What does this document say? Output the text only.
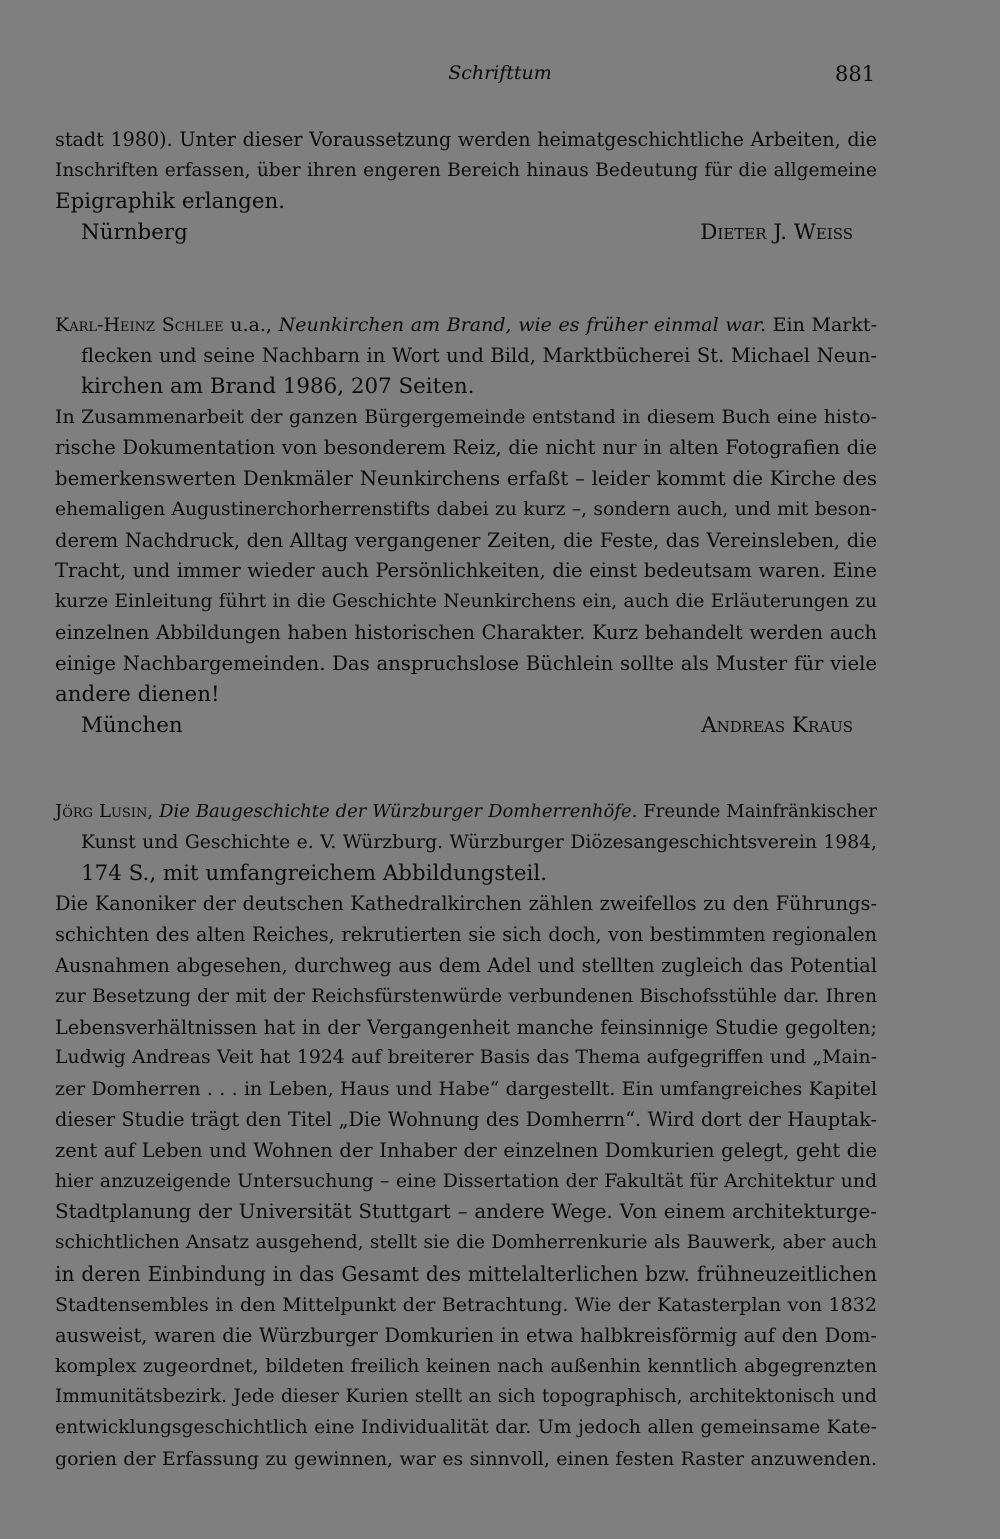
Schrifttum	881
stadt 1980). Unter dieser Voraussetzung werden heimatgeschichtliche Arbeiten, die
Inschriften erfassen, über ihren engeren Bereich hinaus Bedeutung für die allgemeine
Epigraphik erlangen.
Nürnberg	Dieter J. Weiss
Karl-Heinz Schlee u.a., Neunkirchen am Brand, wie es früher einmal war. Ein Markt-
flecken und seine Nachbarn in Wort und Bild, Marktbücherei St. Michael Neun-
kirchen am Brand 1986, 207 Seiten.
In Zusammenarbeit der ganzen Bürgergemeinde entstand in diesem Buch eine histo-
rische Dokumentation von besonderem Reiz, die nicht nur in alten Fotografien die
bemerkenswerten Denkmäler Neunkirchens erfaßt – leider kommt die Kirche des
ehemaligen Augustinerchorherrenstifts dabei zu kurz –, sondern auch, und mit beson-
derem Nachdruck, den Alltag vergangener Zeiten, die Feste, das Vereinsleben, die
Tracht, und immer wieder auch Persönlichkeiten, die einst bedeutsam waren. Eine
kurze Einleitung führt in die Geschichte Neunkirchens ein, auch die Erläuterungen zu
einzelnen Abbildungen haben historischen Charakter. Kurz behandelt werden auch
einige Nachbargemeinden. Das anspruchslose Büchlein sollte als Muster für viele
andere dienen!
München	Andreas Kraus
Jörg Lusin, Die Baugeschichte der Würzburger Domherrenhöfe. Freunde Mainfränkischer
Kunst und Geschichte e. V. Würzburg. Würzburger Diözesangeschichtsverein 1984,
174 S., mit umfangreichem Abbildungsteil.
Die Kanoniker der deutschen Kathedralkirchen zählen zweifellos zu den Führungs-
schichten des alten Reiches, rekrutierten sie sich doch, von bestimmten regionalen
Ausnahmen abgesehen, durchweg aus dem Adel und stellten zugleich das Potential
zur Besetzung der mit der Reichsfürstenwürde verbundenen Bischofsstühle dar. Ihren
Lebensverhältnissen hat in der Vergangenheit manche feinsinnige Studie gegolten;
Ludwig Andreas Veit hat 1924 auf breiterer Basis das Thema aufgegriffen und „Main-
zer Domherren . . . in Leben, Haus und Habe“ dargestellt. Ein umfangreiches Kapitel
dieser Studie trägt den Titel „Die Wohnung des Domherrn“. Wird dort der Hauptak-
zent auf Leben und Wohnen der Inhaber der einzelnen Domkurien gelegt, geht die
hier anzuzeigende Untersuchung – eine Dissertation der Fakultät für Architektur und
Stadtplanung der Universität Stuttgart – andere Wege. Von einem architekturge-
schichtlichen Ansatz ausgehend, stellt sie die Domherrenkurie als Bauwerk, aber auch
in deren Einbindung in das Gesamt des mittelalterlichen bzw. frühneuzeitlichen
Stadtensembles in den Mittelpunkt der Betrachtung. Wie der Katasterplan von 1832
ausweist, waren die Würzburger Domkurien in etwa halbkreisförmig auf den Dom-
komplex zugeordnet, bildeten freilich keinen nach außenhin kenntlich abgegrenzten
Immunitätsbezirk. Jede dieser Kurien stellt an sich topographisch, architektonisch und
entwicklungsgeschichtlich eine Individualität dar. Um jedoch allen gemeinsame Kate-
gorien der Erfassung zu gewinnen, war es sinnvoll, einen festen Raster anzuwenden.
